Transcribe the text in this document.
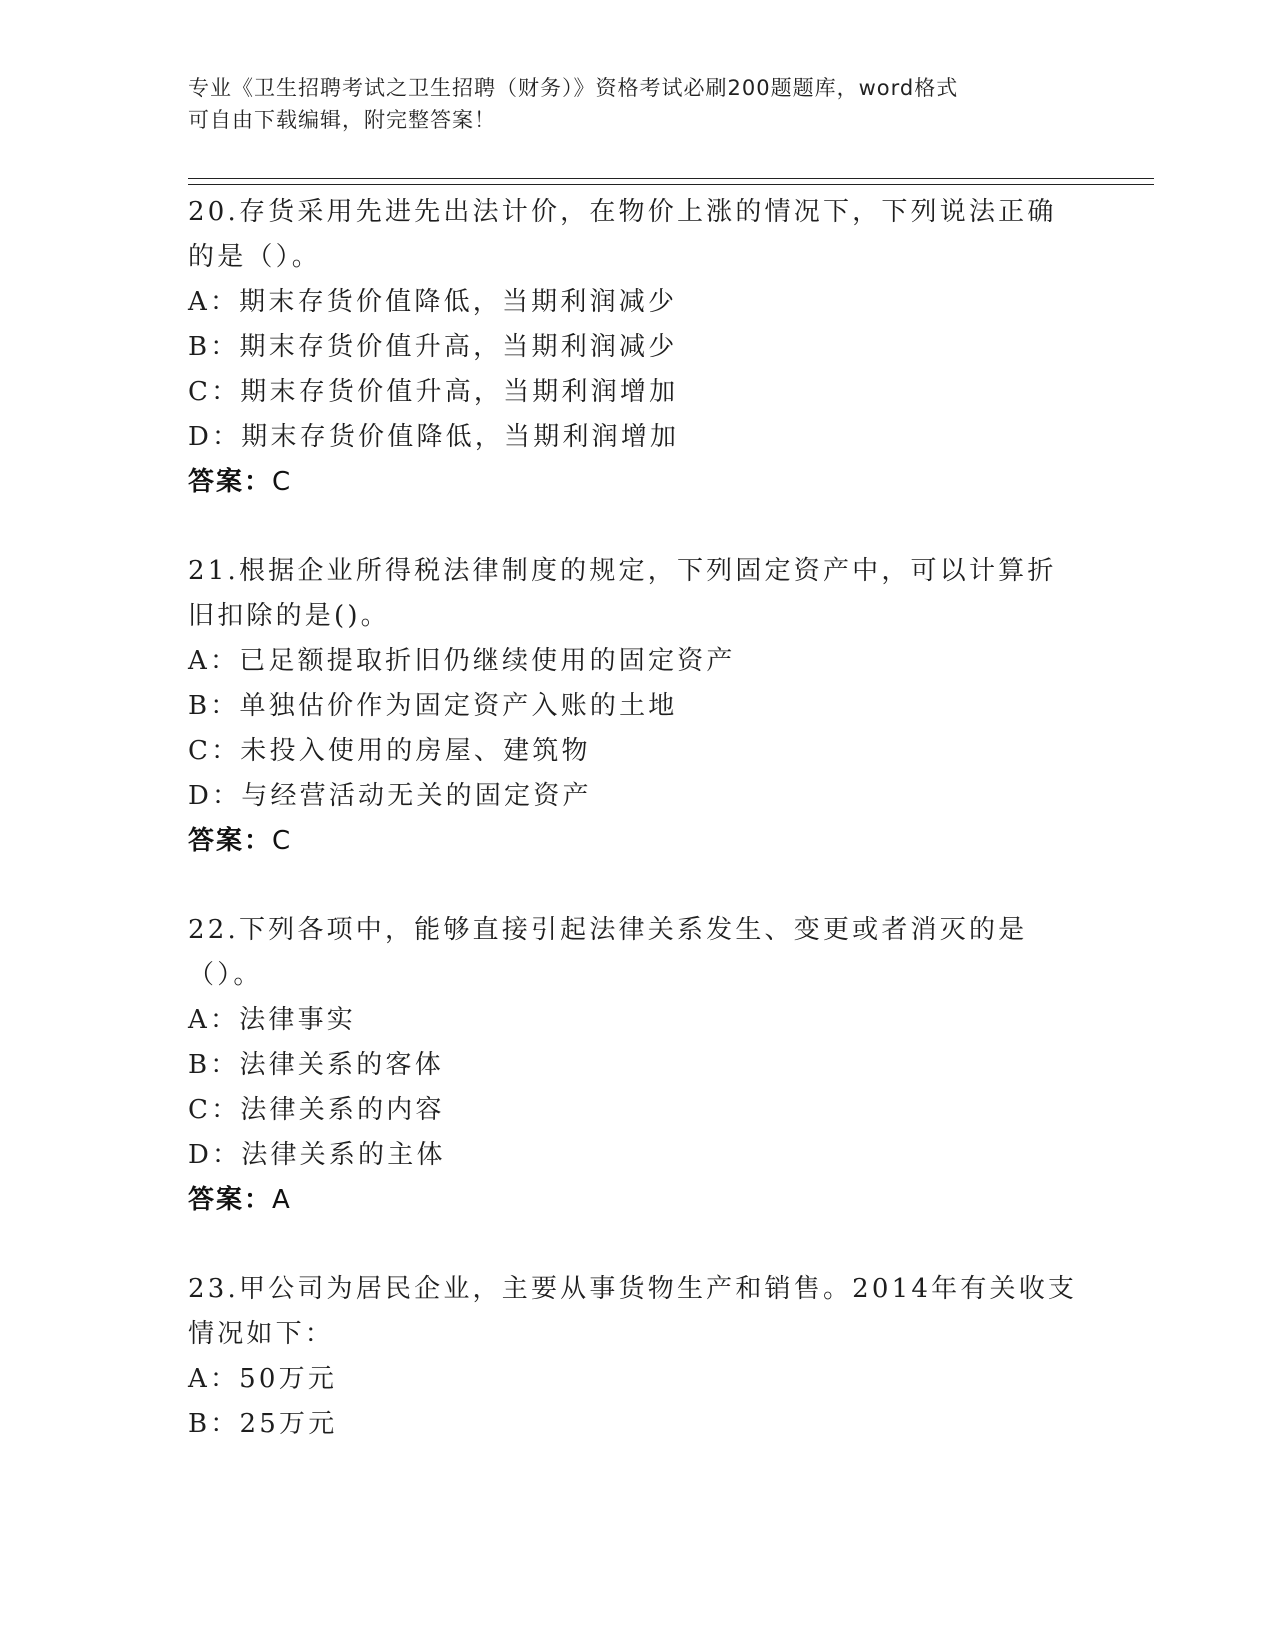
专业《卫生招聘考试之卫生招聘（财务）》资格考试必刷200题题库，word格式
可自由下载编辑，附完整答案！

20.存货采用先进先出法计价，在物价上涨的情况下，下列说法正确的是（）。

A：期末存货价值降低，当期利润减少

B：期末存货价值升高，当期利润减少

C：期末存货价值升高，当期利润增加

D：期末存货价值降低，当期利润增加

答案：C

21.根据企业所得税法律制度的规定，下列固定资产中，可以计算折旧扣除的是()。

A：已足额提取折旧仍继续使用的固定资产

B：单独估价作为固定资产入账的土地

C：未投入使用的房屋、建筑物

D：与经营活动无关的固定资产

答案：C

22.下列各项中，能够直接引起法律关系发生、变更或者消灭的是（）。

A：法律事实

B：法律关系的客体

C：法律关系的内容

D：法律关系的主体

答案：A

23.甲公司为居民企业，主要从事货物生产和销售。2014年有关收支情况如下：

A：50万元

B：25万元
